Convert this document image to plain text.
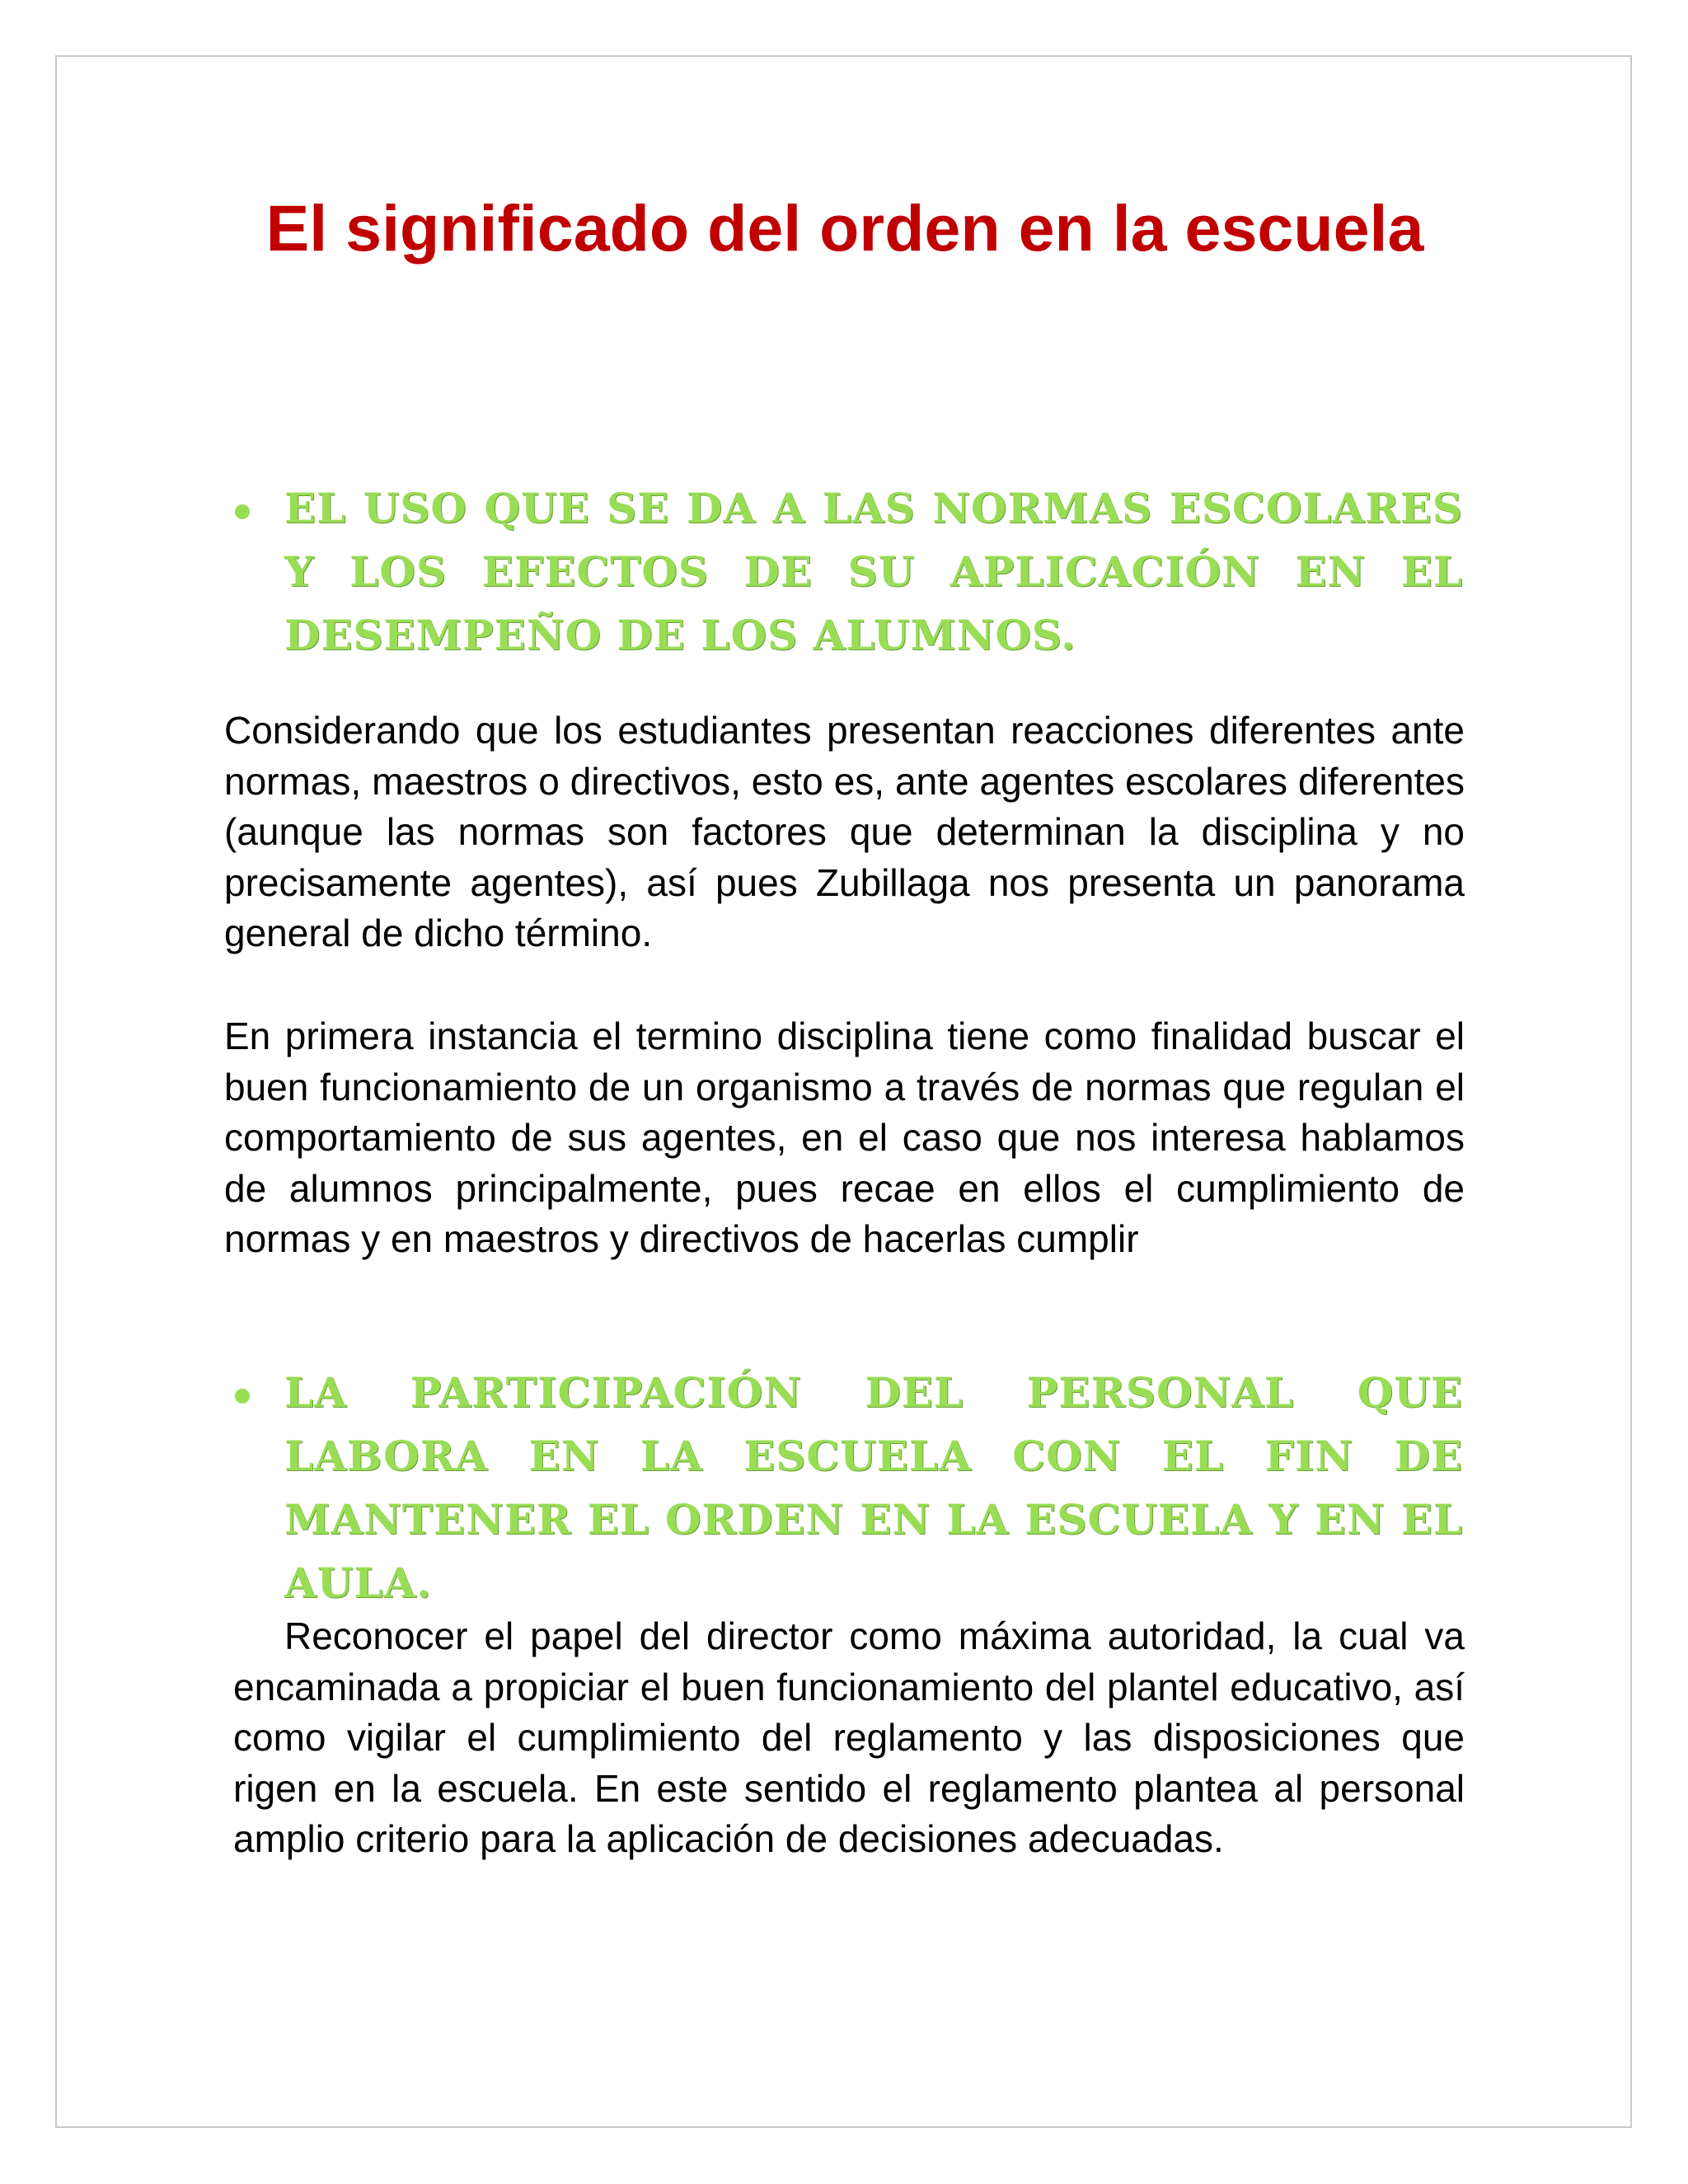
El significado del orden en la escuela
EL USO QUE SE DA A LAS NORMAS ESCOLARES Y LOS EFECTOS DE SU APLICACIÓN EN EL DESEMPEÑO DE LOS ALUMNOS.

Considerando que los estudiantes presentan reacciones diferentes ante normas, maestros o directivos, esto es, ante agentes escolares diferentes (aunque las normas son factores que determinan la disciplina y no precisamente agentes), así pues Zubillaga nos presenta un panorama general de dicho término.

En primera instancia el termino disciplina tiene como finalidad buscar el buen funcionamiento de un organismo a través de normas que regulan el comportamiento de sus agentes, en el caso que nos interesa hablamos de alumnos principalmente, pues recae en ellos el cumplimiento de normas y en maestros y directivos de hacerlas cumplir

LA PARTICIPACIÓN DEL PERSONAL QUE LABORA EN LA ESCUELA CON EL FIN DE MANTENER EL ORDEN EN LA ESCUELA Y EN EL AULA.

Reconocer el papel del director como máxima autoridad, la cual va encaminada a propiciar el buen funcionamiento del plantel educativo, así como vigilar el cumplimiento del reglamento y las disposiciones que rigen en la escuela. En este sentido el reglamento plantea al personal amplio criterio para la aplicación de decisiones adecuadas.
